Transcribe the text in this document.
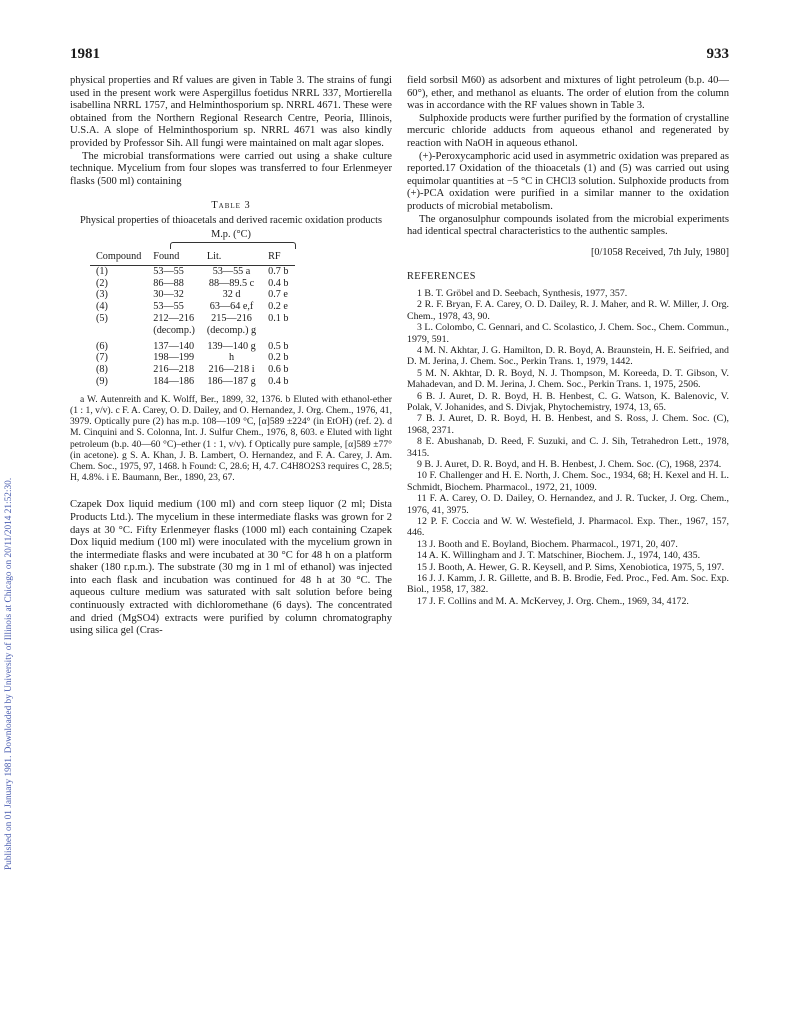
Published on 01 January 1981. Downloaded by University of Illinois at Chicago on 20/11/2014 21:52:30.
1981	933

physical properties and Rf values are given in Table 3. The strains of fungi used in the present work were Aspergillus foetidus NRRL 337, Mortierella isabellina NRRL 1757, and Helminthosporium sp. NRRL 4671. These were obtained from the Northern Regional Research Centre, Peoria, Illinois, U.S.A. A slope of Helminthosporium sp. NRRL 4671 was also kindly provided by Professor Sih. All fungi were maintained on malt agar slopes.

The microbial transformations were carried out using a shake culture technique. Mycelium from four slopes was transferred to four Erlenmeyer flasks (500 ml) containing

Table 3
Physical properties of thioacetals and derived racemic oxidation products
M.p. (°C)
Compound	Found	Lit.	RF
(1)	53—55	53—55 a	0.7 b
(2)	86—88	88—89.5 c	0.4 b
(3)	30—32	32 d	0.7 e
(4)	53—55	63—64 e,f	0.2 e
(5)	212—216	215—216	0.1 b
	(decomp.)	(decomp.) g	
(6)	137—140	139—140 g	0.5 b
(7)	198—199	h	0.2 b
(8)	216—218	216—218 i	0.6 b
(9)	184—186	186—187 g	0.4 b
a W. Autenreith and K. Wolff, Ber., 1899, 32, 1376. b Eluted with ethanol-ether (1 : 1, v/v). c F. A. Carey, O. D. Dailey, and O. Hernandez, J. Org. Chem., 1976, 41, 3979. Optically pure (2) has m.p. 108—109 °C, [α]589 ±224° (in EtOH) (ref. 2). d M. Cinquini and S. Colonna, Int. J. Sulfur Chem., 1976, 8, 603. e Eluted with light petroleum (b.p. 40—60 °C)–ether (1 : 1, v/v). f Optically pure sample, [α]589 ±77° (in acetone). g S. A. Khan, J. B. Lambert, O. Hernandez, and F. A. Carey, J. Am. Chem. Soc., 1975, 97, 1468. h Found: C, 28.6; H, 4.7. C4H8O2S3 requires C, 28.5; H, 4.8%. i E. Baumann, Ber., 1890, 23, 67.

Czapek Dox liquid medium (100 ml) and corn steep liquor (2 ml; Dista Products Ltd.). The mycelium in these intermediate flasks was grown for 2 days at 30 °C. Fifty Erlenmeyer flasks (1000 ml) each containing Czapek Dox liquid medium (100 ml) were inoculated with the mycelium grown in the intermediate flasks and were incubated at 30 °C for 48 h on a platform shaker (180 r.p.m.). The substrate (30 mg in 1 ml of ethanol) was injected into each flask and incubation was continued for 48 h at 30 °C. The aqueous culture medium was saturated with salt solution before being continuously extracted with dichloromethane (6 days). The concentrated and dried (MgSO4) extracts were purified by column chromatography using silica gel (Cras-

field sorbsil M60) as adsorbent and mixtures of light petroleum (b.p. 40—60°), ether, and methanol as eluants. The order of elution from the column was in accordance with the RF values shown in Table 3.

Sulphoxide products were further purified by the formation of crystalline mercuric chloride adducts from aqueous ethanol and regenerated by reaction with NaOH in aqueous ethanol.

(+)-Peroxycamphoric acid used in asymmetric oxidation was prepared as reported.17 Oxidation of the thioacetals (1) and (5) was carried out using equimolar quantities at −5 °C in CHCl3 solution. Sulphoxide products from (+)-PCA oxidation were purified in a similar manner to the oxidation products of microbial metabolism.

The organosulphur compounds isolated from the microbial experiments had identical spectral characteristics to the authentic samples.

[0/1058 Received, 7th July, 1980]
REFERENCES

1 B. T. Gröbel and D. Seebach, Synthesis, 1977, 357.

2 R. F. Bryan, F. A. Carey, O. D. Dailey, R. J. Maher, and R. W. Miller, J. Org. Chem., 1978, 43, 90.

3 L. Colombo, C. Gennari, and C. Scolastico, J. Chem. Soc., Chem. Commun., 1979, 591.

4 M. N. Akhtar, J. G. Hamilton, D. R. Boyd, A. Braunstein, H. E. Seifried, and D. M. Jerina, J. Chem. Soc., Perkin Trans. 1, 1979, 1442.

5 M. N. Akhtar, D. R. Boyd, N. J. Thompson, M. Koreeda, D. T. Gibson, V. Mahadevan, and D. M. Jerina, J. Chem. Soc., Perkin Trans. 1, 1975, 2506.

6 B. J. Auret, D. R. Boyd, H. B. Henbest, C. G. Watson, K. Balenovic, V. Polak, V. Johanides, and S. Divjak, Phytochemistry, 1974, 13, 65.

7 B. J. Auret, D. R. Boyd, H. B. Henbest, and S. Ross, J. Chem. Soc. (C), 1968, 2371.

8 E. Abushanab, D. Reed, F. Suzuki, and C. J. Sih, Tetrahedron Lett., 1978, 3415.

9 B. J. Auret, D. R. Boyd, and H. B. Henbest, J. Chem. Soc. (C), 1968, 2374.

10 F. Challenger and H. E. North, J. Chem. Soc., 1934, 68; H. Kexel and H. L. Schmidt, Biochem. Pharmacol., 1972, 21, 1009.

11 F. A. Carey, O. D. Dailey, O. Hernandez, and J. R. Tucker, J. Org. Chem., 1976, 41, 3975.

12 P. F. Coccia and W. W. Westefield, J. Pharmacol. Exp. Ther., 1967, 157, 446.

13 J. Booth and E. Boyland, Biochem. Pharmacol., 1971, 20, 407.

14 A. K. Willingham and J. T. Matschiner, Biochem. J., 1974, 140, 435.

15 J. Booth, A. Hewer, G. R. Keysell, and P. Sims, Xenobiotica, 1975, 5, 197.

16 J. J. Kamm, J. R. Gillette, and B. B. Brodie, Fed. Proc., Fed. Am. Soc. Exp. Biol., 1958, 17, 382.

17 J. F. Collins and M. A. McKervey, J. Org. Chem., 1969, 34, 4172.
